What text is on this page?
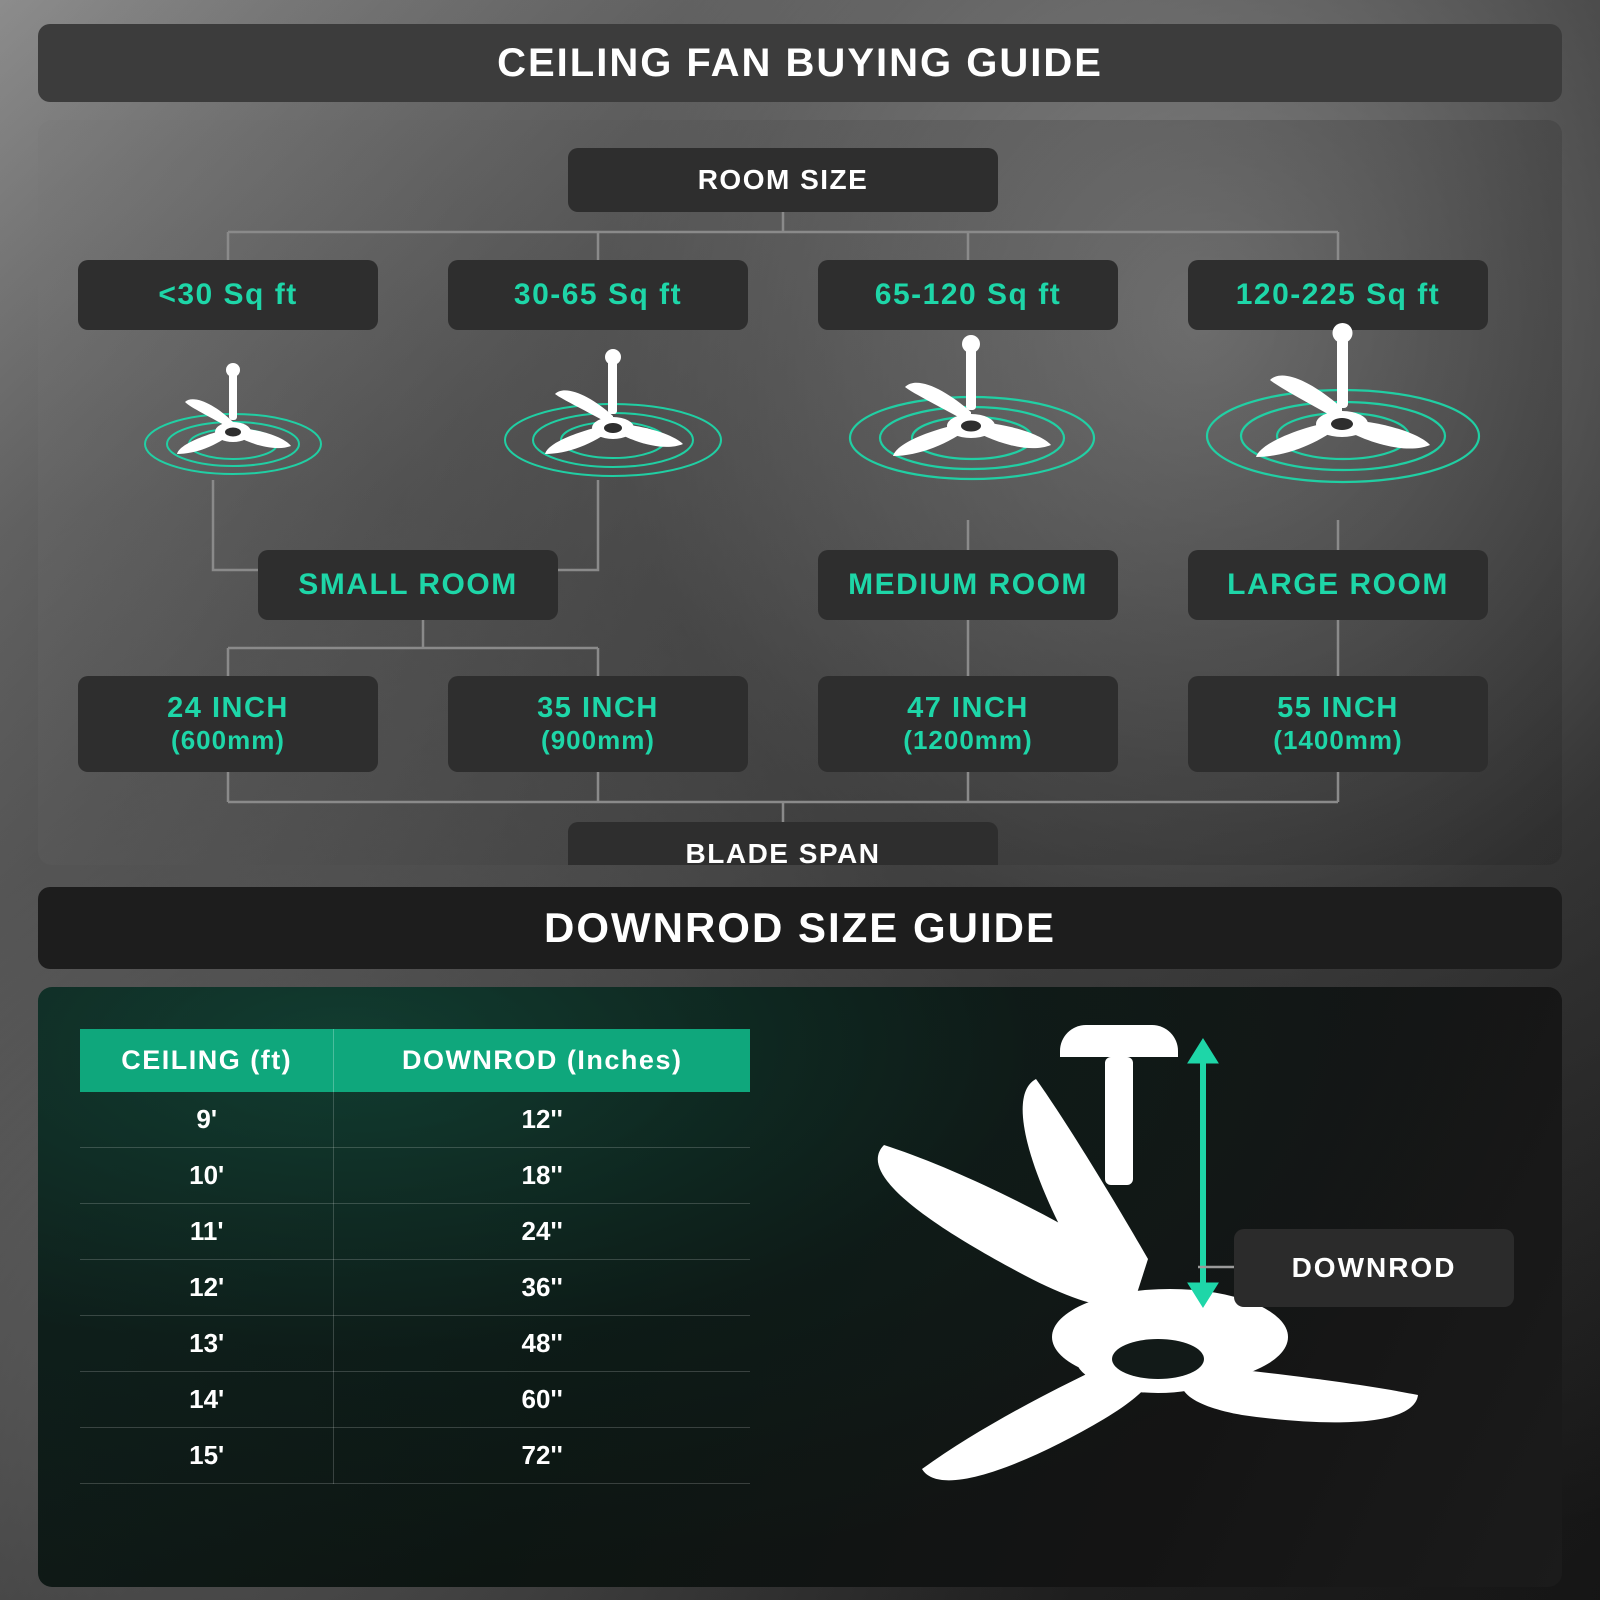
CEILING FAN BUYING GUIDE
ROOM SIZE
<30 Sq ft	30-65 Sq ft	65-120 Sq ft	120-225 Sq ft
SMALL ROOM	MEDIUM ROOM	LARGE ROOM
24 INCH
(600mm)
35 INCH
(900mm)
47 INCH
(1200mm)
55 INCH
(1400mm)
BLADE SPAN
DOWNROD SIZE GUIDE
CEILING (ft)	DOWNROD (Inches)
9'	12''
10'	18''
11'	24''
12'	36''
13'	48''
14'	60''
15'	72''
DOWNROD
